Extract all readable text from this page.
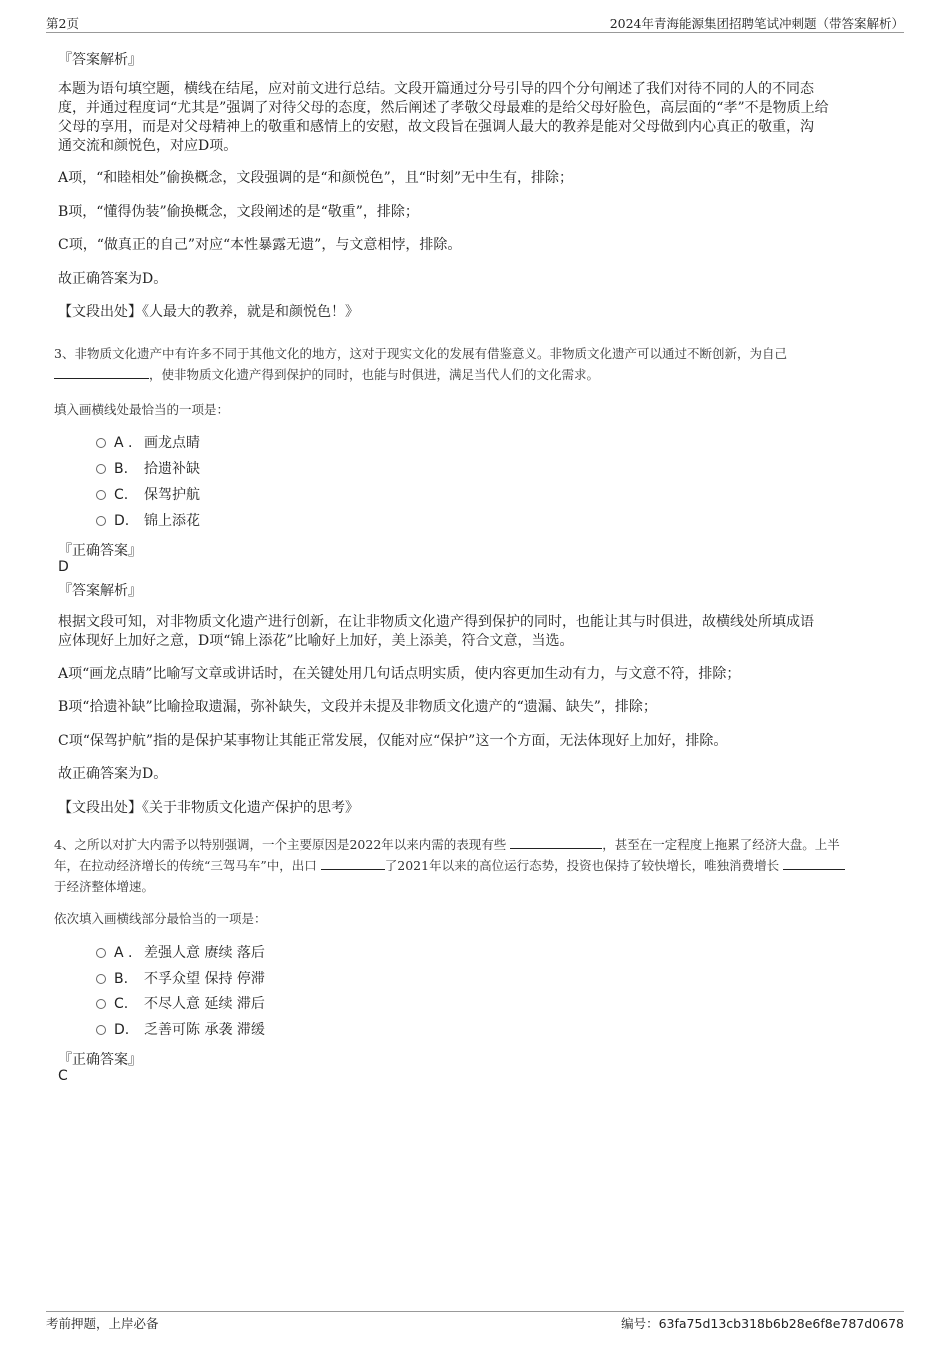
第2页	2024年青海能源集团招聘笔试冲刺题（带答案解析）
『答案解析』
本题为语句填空题，横线在结尾，应对前文进行总结。文段开篇通过分号引导的四个分句阐述了我们对待不同的人的不同态
度，并通过程度词“尤其是”强调了对待父母的态度，然后阐述了孝敬父母最难的是给父母好脸色，高层面的“孝”不是物质上给
父母的享用，而是对父母精神上的敬重和感情上的安慰，故文段旨在强调人最大的教养是能对父母做到内心真正的敬重，沟
通交流和颜悦色，对应D项。
A项，“和睦相处”偷换概念，文段强调的是“和颜悦色”，且“时刻”无中生有，排除；
B项，“懂得伪装”偷换概念，文段阐述的是“敬重”，排除；
C项，“做真正的自己”对应“本性暴露无遗”，与文意相悖，排除。
故正确答案为D。
【文段出处】《人最大的教养，就是和颜悦色！》
3、非物质文化遗产中有许多不同于其他文化的地方，这对于现实文化的发展有借鉴意义。非物质文化遗产可以通过不断创新，为自己
，使非物质文化遗产得到保护的同时，也能与时俱进，满足当代人们的文化需求。
填入画横线处最恰当的一项是：
A . 画龙点睛
B. 拾遗补缺
C. 保驾护航
D. 锦上添花
『正确答案』
D
『答案解析』
根据文段可知，对非物质文化遗产进行创新，在让非物质文化遗产得到保护的同时，也能让其与时俱进，故横线处所填成语
应体现好上加好之意，D项“锦上添花”比喻好上加好，美上添美，符合文意，当选。
A项“画龙点睛”比喻写文章或讲话时，在关键处用几句话点明实质，使内容更加生动有力，与文意不符，排除；
B项“拾遗补缺”比喻捡取遗漏，弥补缺失，文段并未提及非物质文化遗产的“遗漏、缺失”，排除；
C项“保驾护航”指的是保护某事物让其能正常发展，仅能对应“保护”这一个方面，无法体现好上加好，排除。
故正确答案为D。
【文段出处】《关于非物质文化遗产保护的思考》
4、之所以对扩大内需予以特别强调，一个主要原因是2022年以来内需的表现有些	，甚至在一定程度上拖累了经济大盘。上半
年，在拉动经济增长的传统“三驾马车”中，出口	了2021年以来的高位运行态势，投资也保持了较快增长，唯独消费增长
于经济整体增速。
依次填入画横线部分最恰当的一项是：
A . 差强人意 赓续 落后
B. 不孚众望 保持 停滞
C. 不尽人意 延续 滞后
D. 乏善可陈 承袭 滞缓
『正确答案』
C
考前押题，上岸必备	编号：63fa75d13cb318b6b28e6f8e787d0678
